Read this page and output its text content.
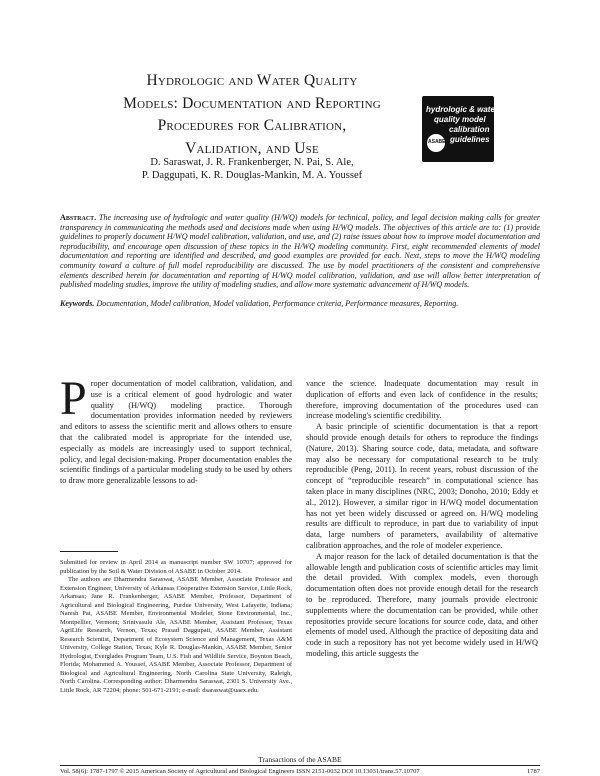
Hydrologic and Water Quality
Models: Documentation and Reporting
Procedures for Calibration,
Validation, and Use
hydrologic & water
quality model
calibration
guidelines
ASABE
D. Saraswat, J. R. Frankenberger, N. Pai, S. Ale,
P. Daggupati, K. R. Douglas-Mankin, M. A. Youssef
Abstract. The increasing use of hydrologic and water quality (H/WQ) models for technical, policy, and legal decision making calls for greater transparency in communicating the methods used and decisions made when using H/WQ models. The objectives of this article are to: (1) provide guidelines to properly document H/WQ model calibration, validation, and use, and (2) raise issues about how to improve model documentation and reproducibility, and encourage open discussion of these topics in the H/WQ modeling community. First, eight recommended elements of model documentation and reporting are identified and described, and good examples are provided for each. Next, steps to move the H/WQ modeling community toward a culture of full model reproducibility are discussed. The use by model practitioners of the consistent and comprehensive elements described herein for documentation and reporting of H/WQ model calibration, validation, and use will allow better interpretation of published modeling studies, improve the utility of modeling studies, and allow more systematic advancement of H/WQ models.
Keywords. Documentation, Model calibration, Model validation, Performance criteria, Performance measures, Reporting.

Proper documentation of model calibration, validation, and use is a critical element of good hydrologic and water quality (H/WQ) modeling practice. Thorough documentation provides information needed by reviewers and editors to assess the scientific merit and allows others to ensure that the calibrated model is appropriate for the intended use, especially as models are increasingly used to support technical, policy, and legal decision-making. Proper documentation enables the scientific findings of a particular modeling study to be used by others to draw more generalizable lessons to ad-

Submitted for review in April 2014 as manuscript number SW 10707; approved for publication by the Soil & Water Division of ASABE in October 2014.

The authors are Dharmendra Saraswat, ASABE Member, Associate Professor and Extension Engineer, University of Arkansas Cooperative Extension Service, Little Rock, Arkansas; Jane R. Frankenberger, ASABE Member, Professor, Department of Agricultural and Biological Engineering, Purdue University, West Lafayette, Indiana; Naresh Pai, ASABE Member, Environmental Modeler, Stone Environmental, Inc., Montpellier, Vermont; Srinivasulu Ale, ASABE Member, Assistant Professor, Texas AgriLife Research, Vernon, Texas; Prasad Daggupati, ASABE Member, Assistant Research Scientist, Department of Ecosystem Science and Management, Texas A&M University, College Station, Texas; Kyle R. Douglas-Mankin, ASABE Member, Senior Hydrologist, Everglades Program Team, U.S. Fish and Wildlife Service, Boynton Beach, Florida; Mohammed A. Youssef, ASABE Member, Associate Professor, Department of Biological and Agricultural Engineering, North Carolina State University, Raleigh, North Carolina. Corresponding author: Dharmendra Saraswat, 2301 S. University Ave., Little Rock, AR 72204; phone: 501-671-2191; e-mail: dsaraswat@uaex.edu.

vance the science. Inadequate documentation may result in duplication of efforts and even lack of confidence in the results; therefore, improving documentation of the procedures used can increase modeling's scientific credibility.

A basic principle of scientific documentation is that a report should provide enough details for others to reproduce the findings (Nature, 2013). Sharing source code, data, metadata, and software may also be necessary for computational research to be truly reproducible (Peng, 2011). In recent years, robust discussion of the concept of “reproducible research” in computational science has taken place in many disciplines (NRC, 2003; Donoho, 2010; Eddy et al., 2012). However, a similar rigor in H/WQ model documentation has not yet been widely discussed or agreed on. H/WQ modeling results are difficult to reproduce, in part due to variability of input data, large numbers of parameters, availability of alternative calibration approaches, and the role of modeler experience.

A major reason for the lack of detailed documentation is that the allowable length and publication costs of scientific articles may limit the detail provided. With complex models, even thorough documentation often does not provide enough detail for the research to be reproduced. Therefore, many journals provide electronic supplements where the documentation can be provided, while other repositories provide secure locations for source code, data, and other elements of model used. Although the practice of depositing data and code in such a repository has not yet become widely used in H/WQ modeling, this article suggests the

Transactions of the ASABE
Vol. 58(6): 1787-1797 © 2015 American Society of Agricultural and Biological Engineers ISSN 2151-0032 DOI 10.13031/trans.57.10707	1787
